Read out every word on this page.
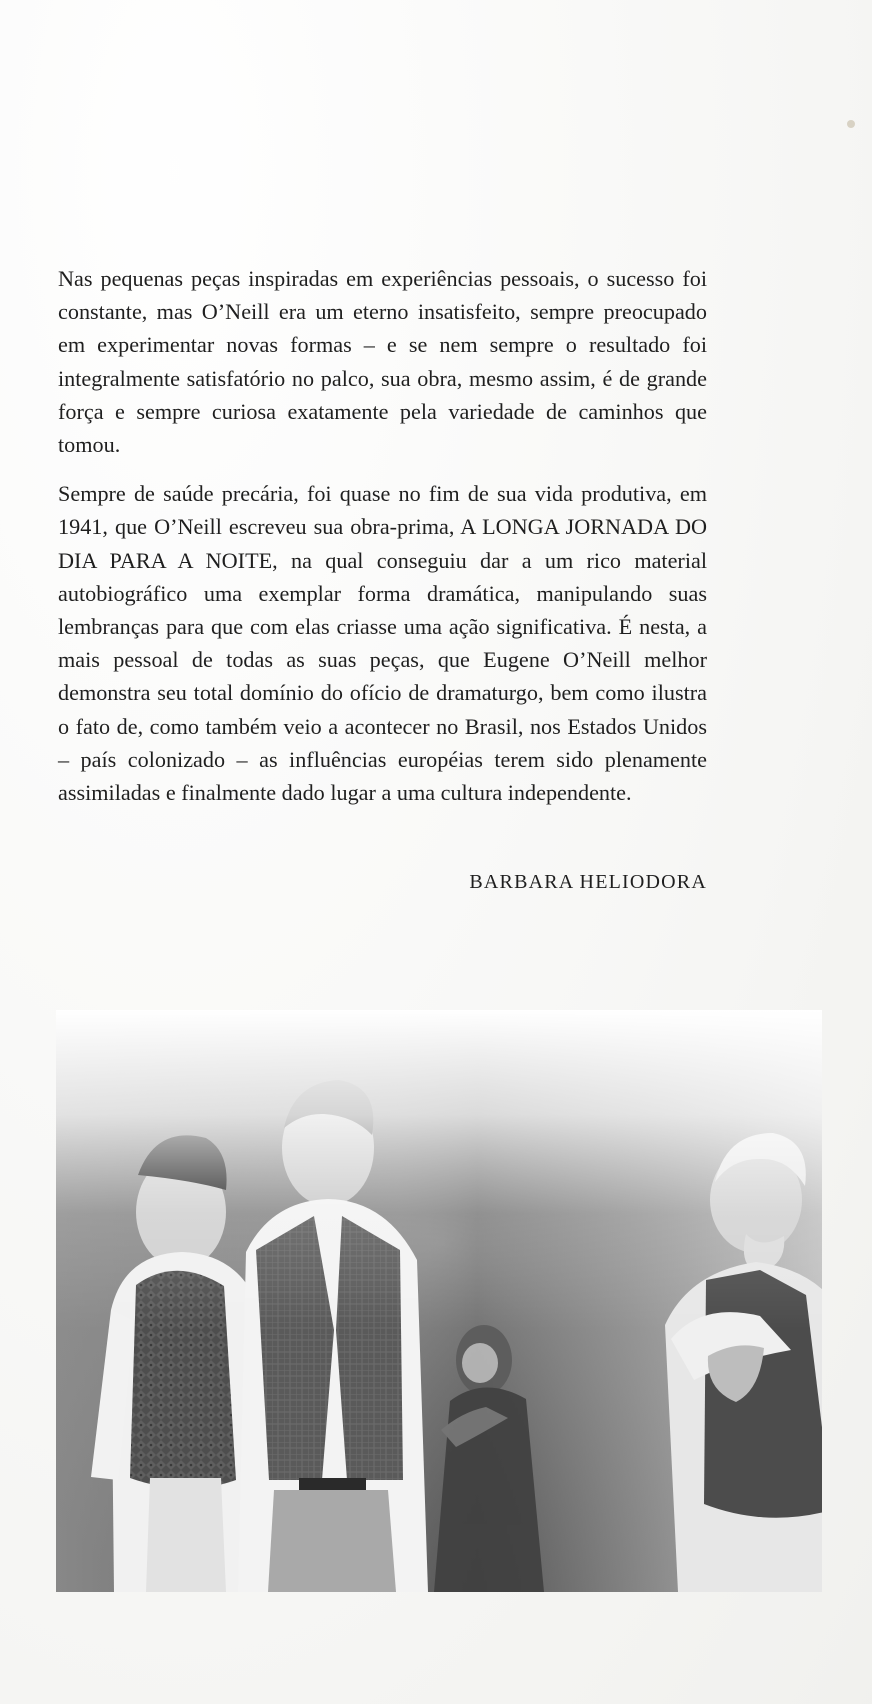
Nas pequenas peças inspiradas em experiências pessoais, o sucesso foi constante, mas O’Neill era um eterno insatisfeito, sempre preocupado em experimentar novas formas – e se nem sempre o resultado foi integralmente satisfatório no palco, sua obra, mesmo assim, é de grande força e sempre curiosa exatamente pela variedade de caminhos que tomou.

Sempre de saúde precária, foi quase no fim de sua vida produtiva, em 1941, que O’Neill escreveu sua obra-prima, A LONGA JORNADA DO DIA PARA A NOITE, na qual conseguiu dar a um rico material autobiográfico uma exemplar forma dramática, manipulando suas lembranças para que com elas criasse uma ação significativa. É nesta, a mais pessoal de todas as suas peças, que Eugene O’Neill melhor demonstra seu total domínio do ofício de dramaturgo, bem como ilustra o fato de, como também veio a acontecer no Brasil, nos Estados Unidos – país colonizado – as influências européias terem sido plenamente assimiladas e finalmente dado lugar a uma cultura independente.

BARBARA HELIODORA
